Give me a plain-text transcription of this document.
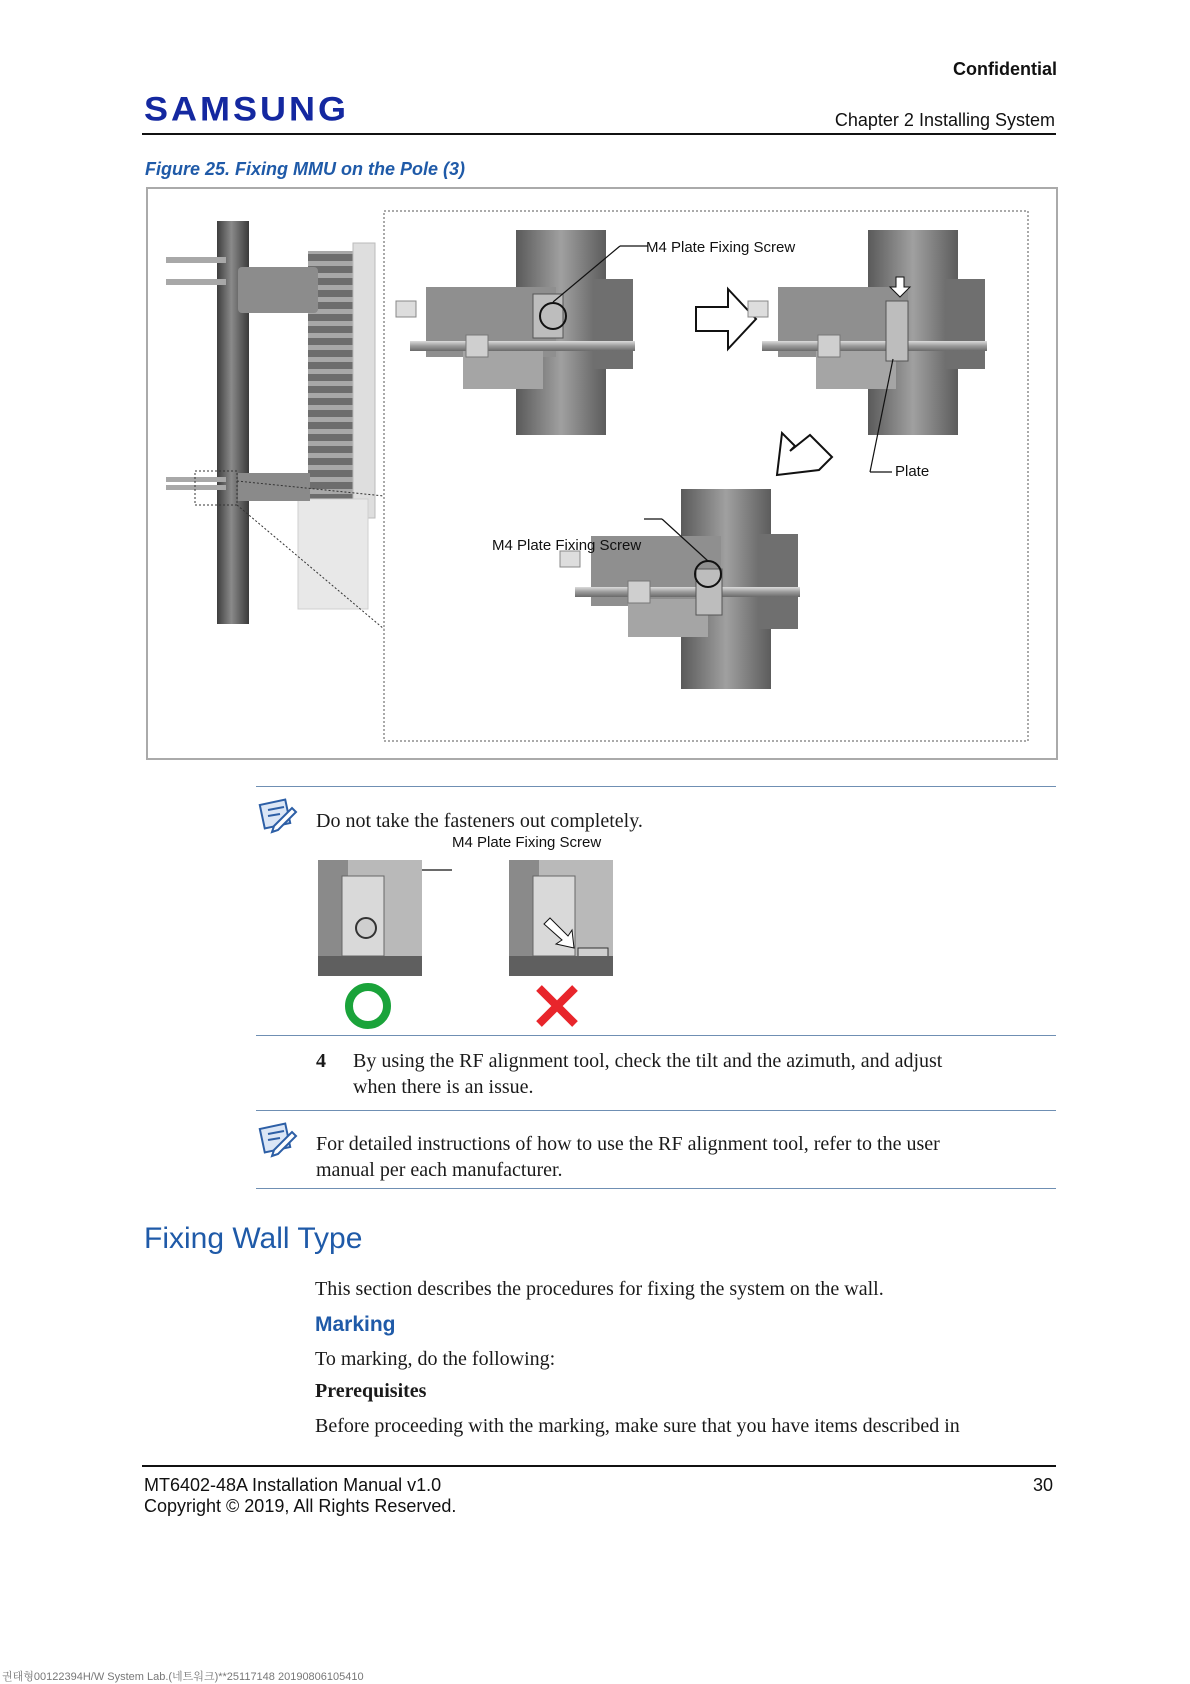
SAMSUNG
Confidential
Chapter 2 Installing System
Figure 25. Fixing MMU on the Pole (3)
M4 Plate Fixing Screw
Plate
M4 Plate Fixing Screw
Do not take the fasteners out completely.
M4 Plate Fixing Screw
4 By using the RF alignment tool, check the tilt and the azimuth, and adjust
when there is an issue.
For detailed instructions of how to use the RF alignment tool, refer to the user
manual per each manufacturer.
Fixing Wall Type
This section describes the procedures for fixing the system on the wall.
Marking
To marking, do the following:
Prerequisites
Before proceeding with the marking, make sure that you have items described in
MT6402-48A Installation Manual v1.0
Copyright © 2019, All Rights Reserved.
30
권태형00122394H/W System Lab.(네트워크)**25117148 20190806105410
